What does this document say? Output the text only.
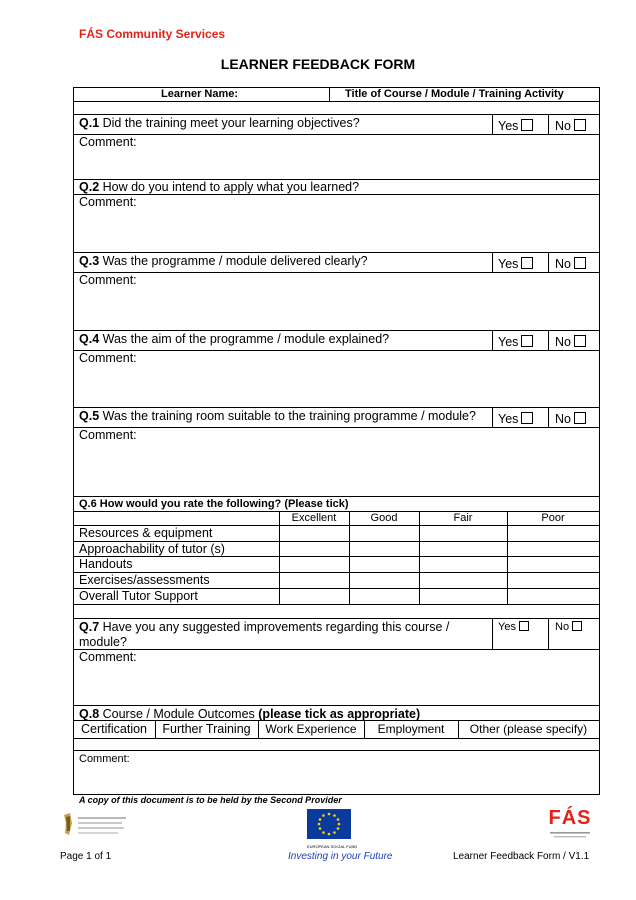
FÁS Community Services
LEARNER FEEDBACK FORM
Learner Name:	Title of Course / Module / Training Activity
Q.1 Did the training meet your learning objectives?	Yes	No
Comment:
Q.2 How do you intend to apply what you learned?
Comment:
Q.3 Was the programme / module delivered clearly?	Yes	No
Comment:
Q.4 Was the aim of the programme / module explained?	Yes	No
Comment:
Q.5 Was the training room suitable to the training programme / module? Yes	No
Comment:
Q.6 How would you rate the following? (Please tick)
Excellent	Good	Fair	Poor
Resources & equipment
Approachability of tutor (s)
Handouts
Exercises/assessments
Overall Tutor Support
Q.7 Have you any suggested improvements regarding this course /
module?
Yes	No
Comment:
Q.8 Course / Module Outcomes (please tick as appropriate)
Certification	Further Training	Work Experience	Employment	Other (please specify)
Comment:
A copy of this document is to be held by the Second Provider
EUROPEAN SOCIAL FUND
FÁS
Page 1 of 1	Investing in your Future	Learner Feedback Form / V1.1
